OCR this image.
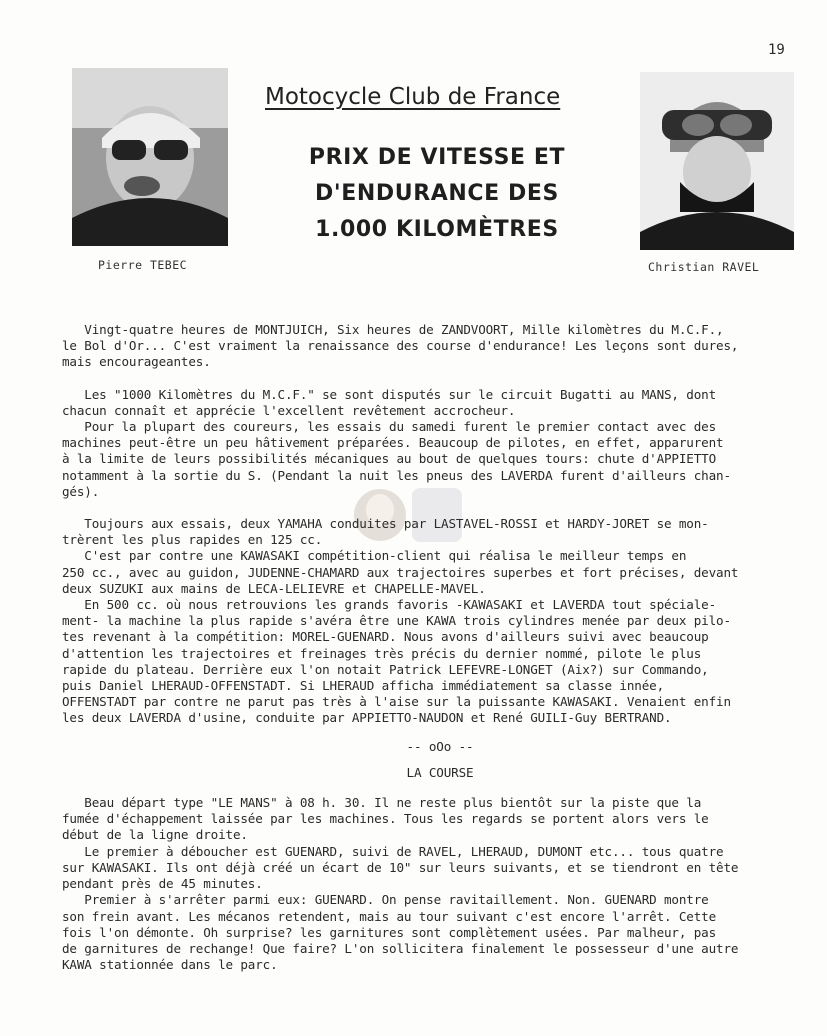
19
Pierre TEBEC
Motocycle Club de France
PRIX DE VITESSE ET
D'ENDURANCE DES
1.000 KILOMÈTRES
Christian RAVEL

Vingt-quatre heures de MONTJUICH, Six heures de ZANDVOORT, Mille kilomètres du M.C.F.,

le Bol d'Or... C'est vraiment la renaissance des course d'endurance! Les leçons sont dures,

mais encourageantes.

Les "1000 Kilomètres du M.C.F." se sont disputés sur le circuit Bugatti au MANS, dont

chacun connaît et apprécie l'excellent revêtement accrocheur.

Pour la plupart des coureurs, les essais du samedi furent le premier contact avec des

machines peut-être un peu hâtivement préparées. Beaucoup de pilotes, en effet, apparurent

à la limite de leurs possibilités mécaniques au bout de quelques tours: chute d'APPIETTO

notamment à la sortie du S. (Pendant la nuit les pneus des LAVERDA furent d'ailleurs chan-

gés).

Toujours aux essais, deux YAMAHA conduites par LASTAVEL-ROSSI et HARDY-JORET se mon-

trèrent les plus rapides en 125 cc.

C'est par contre une KAWASAKI compétition-client qui réalisa le meilleur temps en

250 cc., avec au guidon, JUDENNE-CHAMARD aux trajectoires superbes et fort précises, devant

deux SUZUKI aux mains de LECA-LELIEVRE et CHAPELLE-MAVEL.

En 500 cc. où nous retrouvions les grands favoris -KAWASAKI et LAVERDA tout spéciale-

ment- la machine la plus rapide s'avéra être une KAWA trois cylindres menée par deux pilo-

tes revenant à la compétition: MOREL-GUENARD. Nous avons d'ailleurs suivi avec beaucoup

d'attention les trajectoires et freinages très précis du dernier nommé, pilote le plus

rapide du plateau. Derrière eux l'on notait Patrick LEFEVRE-LONGET (Aix?) sur Commando,

puis Daniel LHERAUD-OFFENSTADT. Si LHERAUD afficha immédiatement sa classe innée,

OFFENSTADT par contre ne parut pas très à l'aise sur la puissante KAWASAKI. Venaient enfin

les deux LAVERDA d'usine, conduite par APPIETTO-NAUDON et René GUILI-Guy BERTRAND.

-- oOo --

LA COURSE

Beau départ type "LE MANS" à 08 h. 30. Il ne reste plus bientôt sur la piste que la

fumée d'échappement laissée par les machines. Tous les regards se portent alors vers le

début de la ligne droite.

Le premier à déboucher est GUENARD, suivi de RAVEL, LHERAUD, DUMONT etc... tous quatre

sur KAWASAKI. Ils ont déjà créé un écart de 10" sur leurs suivants, et se tiendront en tête

pendant près de 45 minutes.

Premier à s'arrêter parmi eux: GUENARD. On pense ravitaillement. Non. GUENARD montre

son frein avant. Les mécanos retendent, mais au tour suivant c'est encore l'arrêt. Cette

fois l'on démonte. Oh surprise? les garnitures sont complètement usées. Par malheur, pas

de garnitures de rechange! Que faire? L'on sollicitera finalement le possesseur d'une autre

KAWA stationnée dans le parc.
